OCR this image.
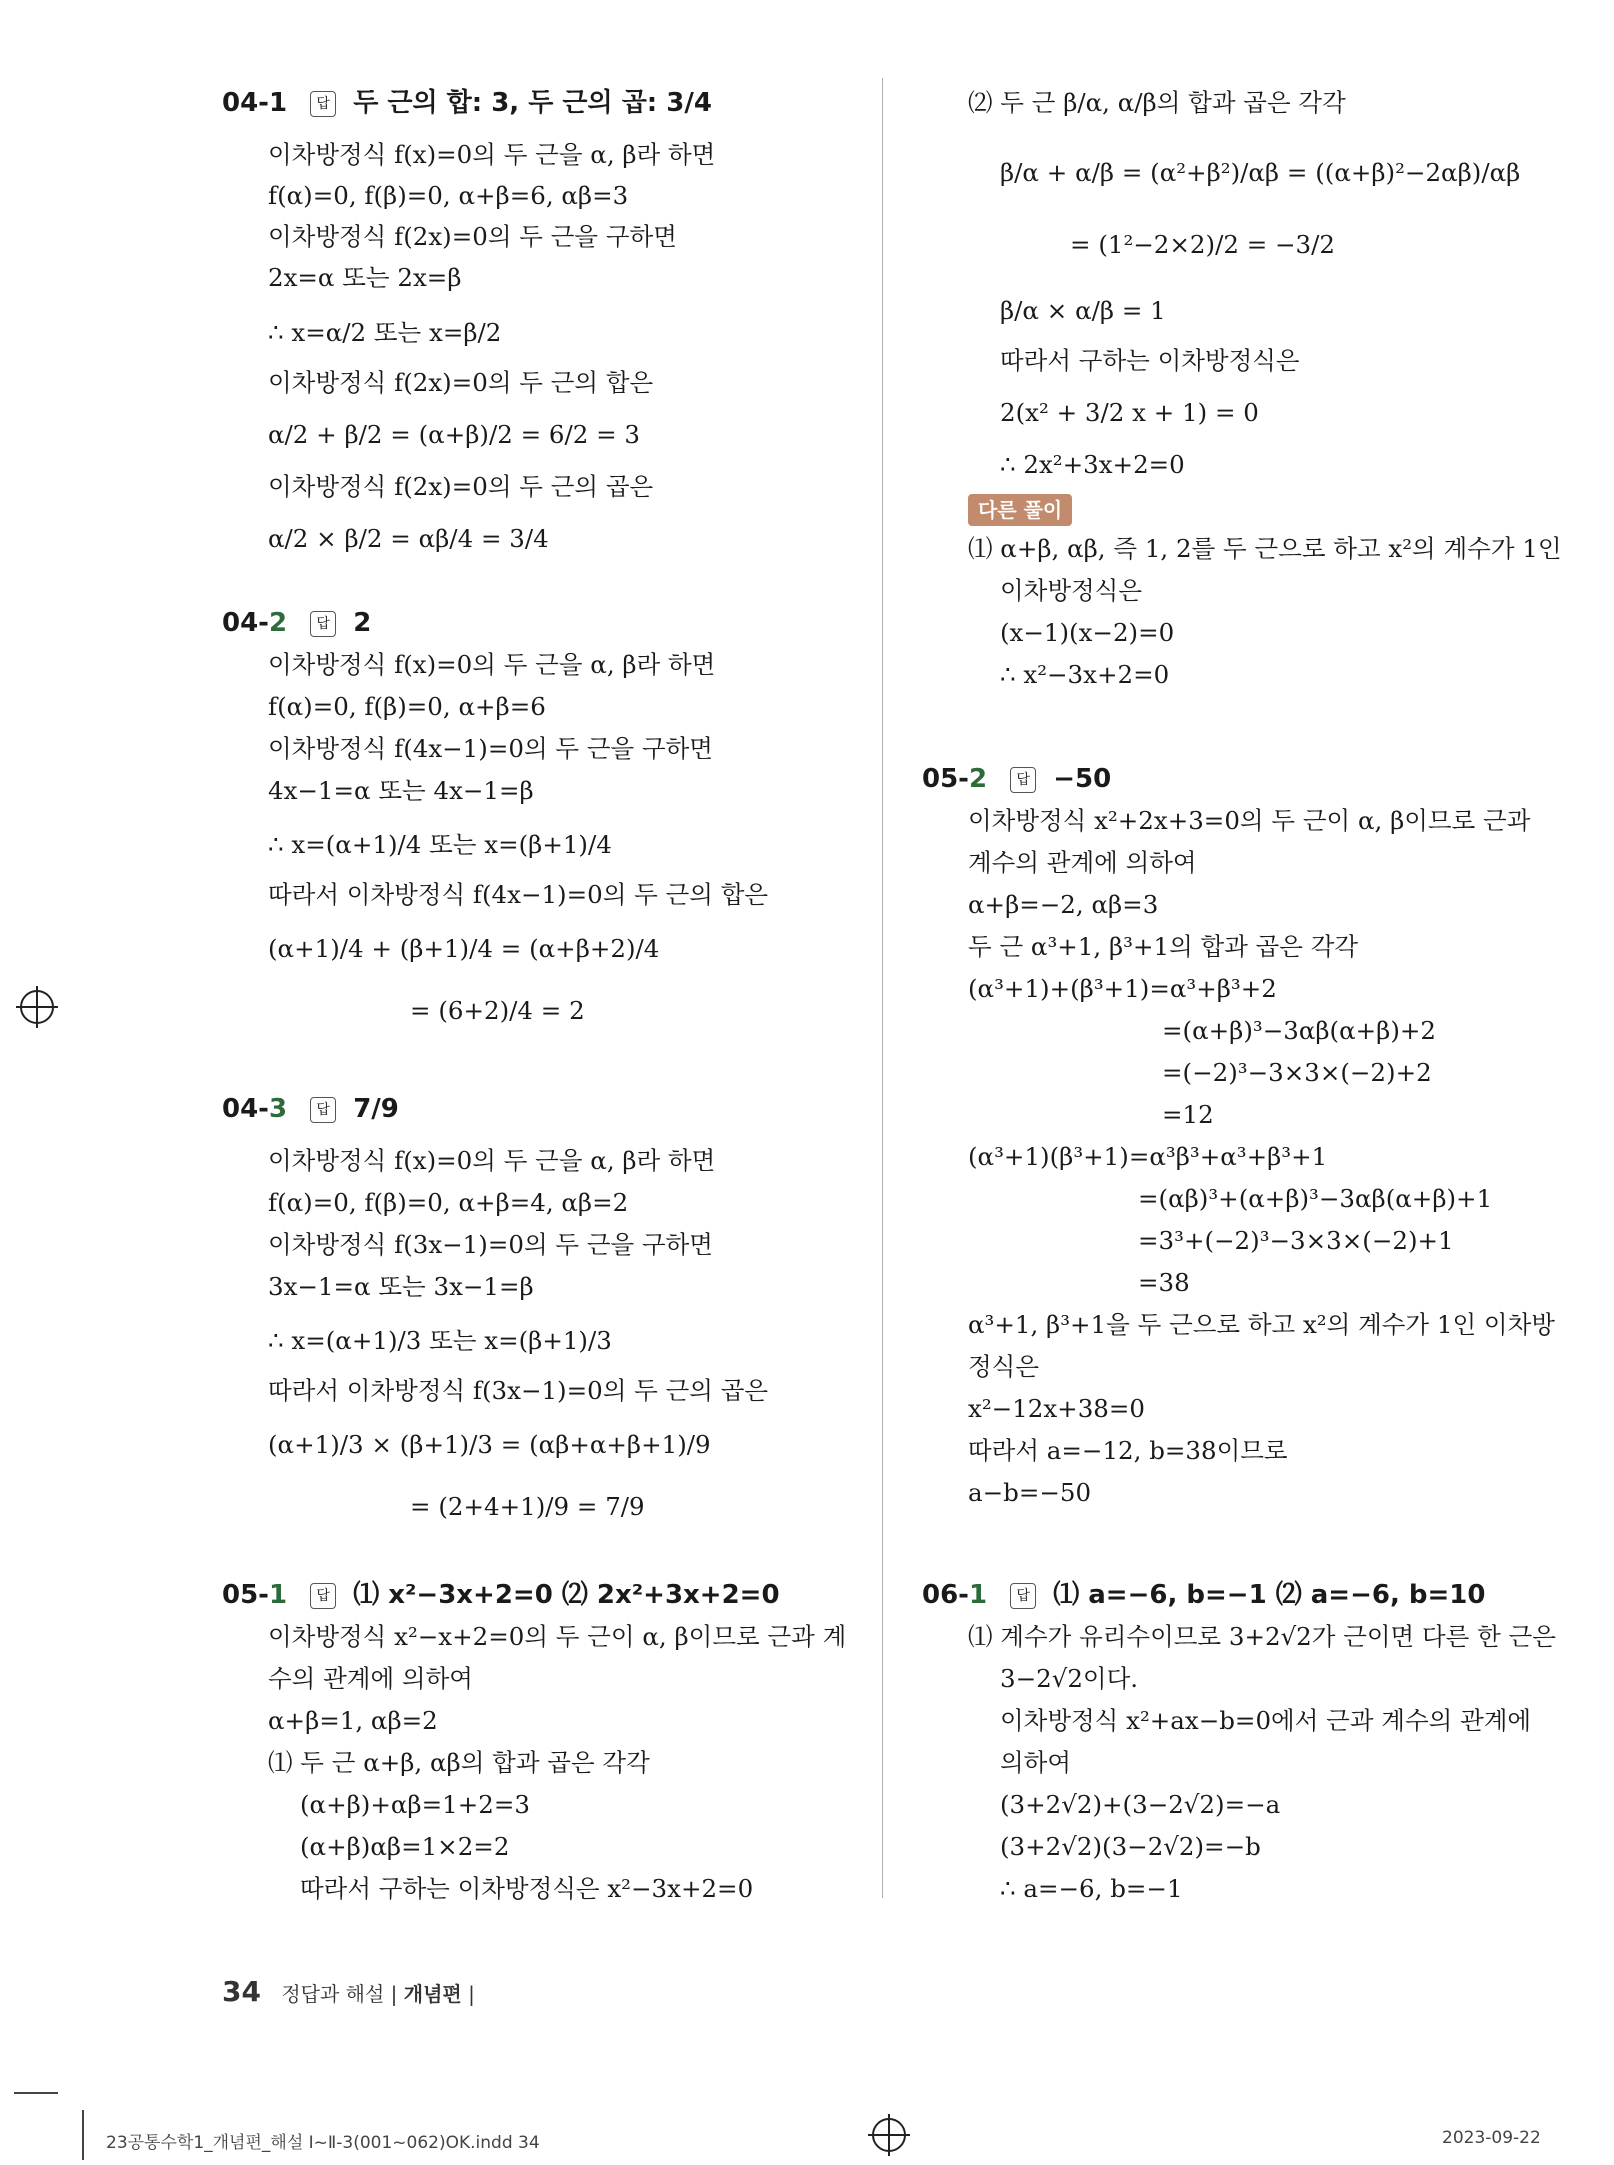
04-1 답 두 근의 합: 3, 두 근의 곱: 3/4
이차방정식 f(x)=0의 두 근을 α, β라 하면
f(α)=0, f(β)=0, α+β=6, αβ=3
이차방정식 f(2x)=0의 두 근을 구하면
2x=α 또는 2x=β
∴ x=α/2 또는 x=β/2
이차방정식 f(2x)=0의 두 근의 합은
α/2 + β/2 = (α+β)/2 = 6/2 = 3
이차방정식 f(2x)=0의 두 근의 곱은
α/2 × β/2 = αβ/4 = 3/4
04-2 답 2
이차방정식 f(x)=0의 두 근을 α, β라 하면
f(α)=0, f(β)=0, α+β=6
이차방정식 f(4x−1)=0의 두 근을 구하면
4x−1=α 또는 4x−1=β
∴ x=(α+1)/4 또는 x=(β+1)/4
따라서 이차방정식 f(4x−1)=0의 두 근의 합은
(α+1)/4 + (β+1)/4 = (α+β+2)/4
= (6+2)/4 = 2
04-3 답 7/9
이차방정식 f(x)=0의 두 근을 α, β라 하면
f(α)=0, f(β)=0, α+β=4, αβ=2
이차방정식 f(3x−1)=0의 두 근을 구하면
3x−1=α 또는 3x−1=β
∴ x=(α+1)/3 또는 x=(β+1)/3
따라서 이차방정식 f(3x−1)=0의 두 근의 곱은
(α+1)/3 × (β+1)/3 = (αβ+α+β+1)/9
= (2+4+1)/9 = 7/9
05-1 답 ⑴ x²−3x+2=0 ⑵ 2x²+3x+2=0
이차방정식 x²−x+2=0의 두 근이 α, β이므로 근과 계
수의 관계에 의하여
α+β=1, αβ=2
⑴ 두 근 α+β, αβ의 합과 곱은 각각
(α+β)+αβ=1+2=3
(α+β)αβ=1×2=2
따라서 구하는 이차방정식은 x²−3x+2=0
⑵ 두 근 β/α, α/β의 합과 곱은 각각
β/α + α/β = (α²+β²)/αβ = ((α+β)²−2αβ)/αβ
= (1²−2×2)/2 = −3/2
β/α × α/β = 1
따라서 구하는 이차방정식은
2(x² + 3/2 x + 1) = 0
∴ 2x²+3x+2=0
다른 풀이
⑴ α+β, αβ, 즉 1, 2를 두 근으로 하고 x²의 계수가 1인
이차방정식은
(x−1)(x−2)=0
∴ x²−3x+2=0
05-2 답 −50
이차방정식 x²+2x+3=0의 두 근이 α, β이므로 근과
계수의 관계에 의하여
α+β=−2, αβ=3
두 근 α³+1, β³+1의 합과 곱은 각각
(α³+1)+(β³+1)=α³+β³+2
=(α+β)³−3αβ(α+β)+2
=(−2)³−3×3×(−2)+2
=12
(α³+1)(β³+1)=α³β³+α³+β³+1
=(αβ)³+(α+β)³−3αβ(α+β)+1
=3³+(−2)³−3×3×(−2)+1
=38
α³+1, β³+1을 두 근으로 하고 x²의 계수가 1인 이차방
정식은
x²−12x+38=0
따라서 a=−12, b=38이므로
a−b=−50
06-1 답 ⑴ a=−6, b=−1 ⑵ a=−6, b=10
⑴ 계수가 유리수이므로 3+2√2가 근이면 다른 한 근은
3−2√2이다.
이차방정식 x²+ax−b=0에서 근과 계수의 관계에
의하여
(3+2√2)+(3−2√2)=−a
(3+2√2)(3−2√2)=−b
∴ a=−6, b=−1
34 정답과 해설 | 개념편 |
23공통수학1_개념편_해설 Ⅰ~Ⅱ-3(001~062)OK.indd 34	2023-09-22
